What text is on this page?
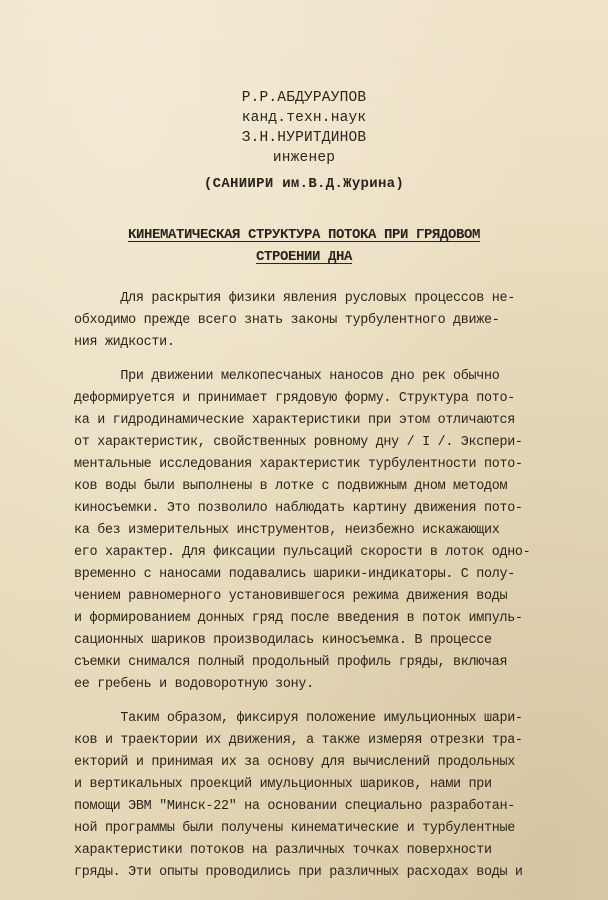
Р.Р.АБДУРАУПОВ
канд.техн.наук
З.Н.НУРИТДИНОВ
инженер
(САНИИРИ им.В.Д.Журина)
КИНЕМАТИЧЕСКАЯ СТРУКТУРА ПОТОКА ПРИ ГРЯДОВОМ
СТРОЕНИИ ДНА
Для раскрытия физики явления русловых процессов не-
обходимо прежде всего знать законы турбулентного движе-
ния жидкости.
При движении мелкопесчаных наносов дно рек обычно
деформируется и принимает грядовую форму. Структура пото-
ка и гидродинамические характеристики при этом отличаются
от характеристик, свойственных ровному дну / I /. Экспери-
ментальные исследования характеристик турбулентности пото-
ков воды были выполнены в лотке с подвижным дном методом
киносъемки. Это позволило наблюдать картину движения пото-
ка без измерительных инструментов, неизбежно искажающих
его характер. Для фиксации пульсаций скорости в лоток одно-
временно с наносами подавались шарики-индикаторы. С полу-
чением равномерного установившегося режима движения воды
и формированием донных гряд после введения в поток импуль-
сационных шариков производилась киносъемка. В процессе
съемки снимался полный продольный профиль гряды, включая
ее гребень и водоворотную зону.
Таким образом, фиксируя положение имульционных шари-
ков и траектории их движения, а также измеряя отрезки тра-
екторий и принимая их за основу для вычислений продольных
и вертикальных проекций имульционных шариков, нами при
помощи ЭВМ "Минск-22" на основании специально разработан-
ной программы были получены кинематические и турбулентные
характеристики потоков на различных точках поверхности
гряды. Эти опыты проводились при различных расходах воды и
